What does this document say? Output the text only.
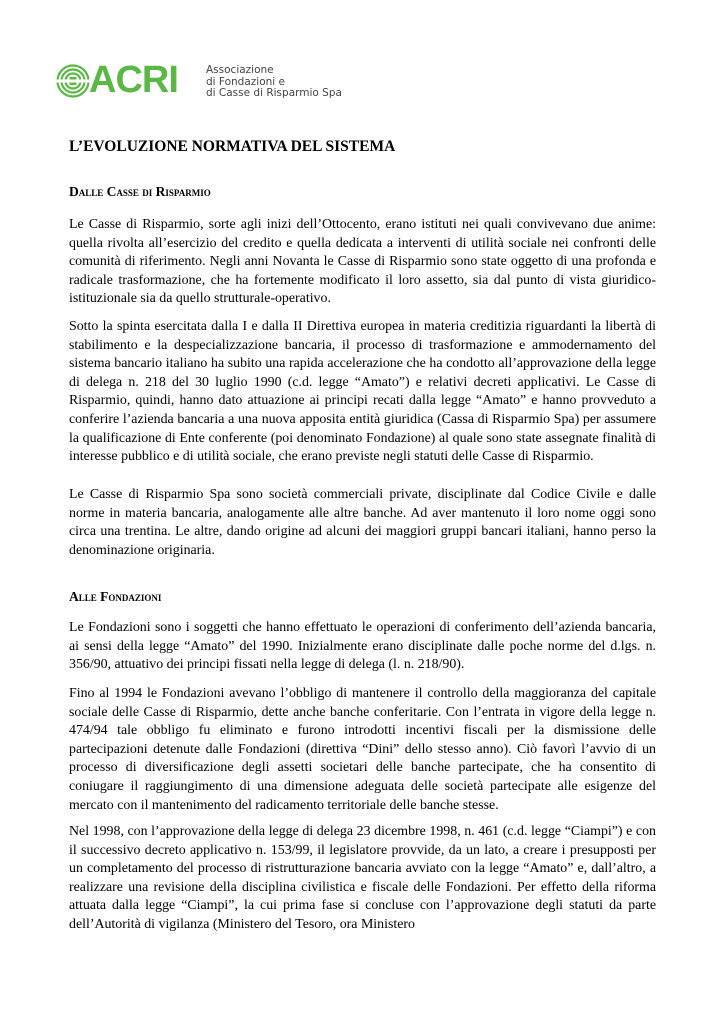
ACRI	Associazione
di Fondazioni e
di Casse di Risparmio Spa
L’EVOLUZIONE NORMATIVA DEL SISTEMA
Dalle Casse di Risparmio

Le Casse di Risparmio, sorte agli inizi dell’Ottocento, erano istituti nei quali convivevano due anime: quella rivolta all’esercizio del credito e quella dedicata a interventi di utilità sociale nei confronti delle comunità di riferimento. Negli anni Novanta le Casse di Risparmio sono state oggetto di una profonda e radicale trasformazione, che ha fortemente modificato il loro assetto, sia dal punto di vista giuridico-istituzionale sia da quello strutturale-operativo.

Sotto la spinta esercitata dalla I e dalla II Direttiva europea in materia creditizia riguardanti la libertà di stabilimento e la despecializzazione bancaria, il processo di trasformazione e ammodernamento del sistema bancario italiano ha subito una rapida accelerazione che ha condotto all’approvazione della legge di delega n. 218 del 30 luglio 1990 (c.d. legge “Amato”) e relativi decreti applicativi. Le Casse di Risparmio, quindi, hanno dato attuazione ai principi recati dalla legge “Amato” e hanno provveduto a conferire l’azienda bancaria a una nuova apposita entità giuridica (Cassa di Risparmio Spa) per assumere la qualificazione di Ente conferente (poi denominato Fondazione) al quale sono state assegnate finalità di interesse pubblico e di utilità sociale, che erano previste negli statuti delle Casse di Risparmio.

Le Casse di Risparmio Spa sono società commerciali private, disciplinate dal Codice Civile e dalle norme in materia bancaria, analogamente alle altre banche. Ad aver mantenuto il loro nome oggi sono circa una trentina. Le altre, dando origine ad alcuni dei maggiori gruppi bancari italiani, hanno perso la denominazione originaria.

Alle Fondazioni

Le Fondazioni sono i soggetti che hanno effettuato le operazioni di conferimento dell’azienda bancaria, ai sensi della legge “Amato” del 1990. Inizialmente erano disciplinate dalle poche norme del d.lgs. n. 356/90, attuativo dei principi fissati nella legge di delega (l. n. 218/90).

Fino al 1994 le Fondazioni avevano l’obbligo di mantenere il controllo della maggioranza del capitale sociale delle Casse di Risparmio, dette anche banche conferitarie. Con l’entrata in vigore della legge n. 474/94 tale obbligo fu eliminato e furono introdotti incentivi fiscali per la dismissione delle partecipazioni detenute dalle Fondazioni (direttiva “Dini” dello stesso anno). Ciò favorì l’avvio di un processo di diversificazione degli assetti societari delle banche partecipate, che ha consentito di coniugare il raggiungimento di una dimensione adeguata delle società partecipate alle esigenze del mercato con il mantenimento del radicamento territoriale delle banche stesse.

Nel 1998, con l’approvazione della legge di delega 23 dicembre 1998, n. 461 (c.d. legge “Ciampi”) e con il successivo decreto applicativo n. 153/99, il legislatore provvide, da un lato, a creare i presupposti per un completamento del processo di ristrutturazione bancaria avviato con la legge “Amato” e, dall’altro, a realizzare una revisione della disciplina civilistica e fiscale delle Fondazioni. Per effetto della riforma attuata dalla legge “Ciampi”, la cui prima fase si concluse con l’approvazione degli statuti da parte dell’Autorità di vigilanza (Ministero del Tesoro, ora Ministero
